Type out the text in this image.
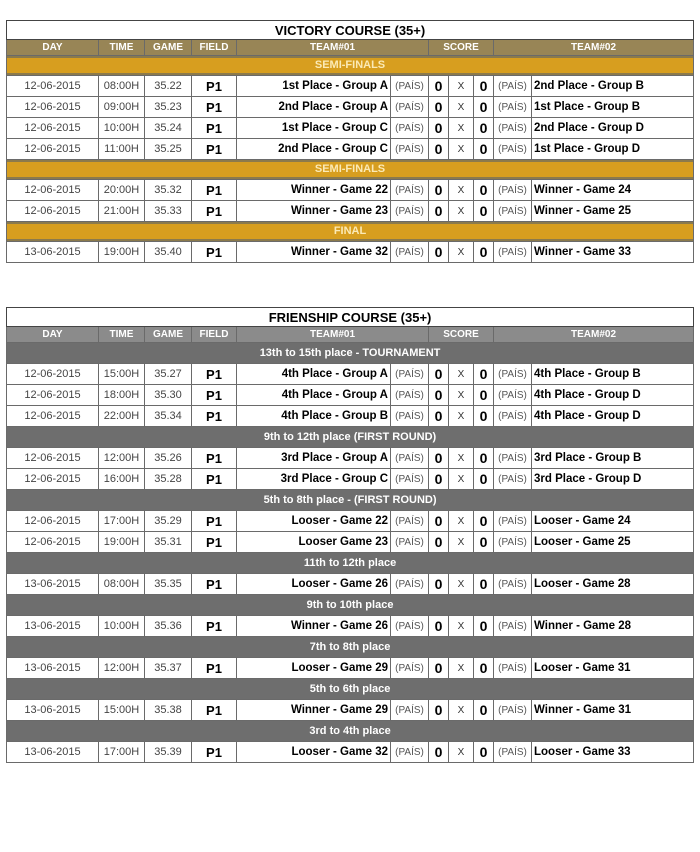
VICTORY COURSE (35+)										
DAY	TIME	GAME	FIELD	TEAM#01		SCORE			TEAM#02	

SEMI-FINALS										

12-06-2015	08:00H	35.22	P1	1st Place - Group A	(PAÍS)	0	X	0	(PAÍS)	2nd Place - Group B
12-06-2015	09:00H	35.23	P1	2nd Place - Group A	(PAÍS)	0	X	0	(PAÍS)	1st Place - Group B
12-06-2015	10:00H	35.24	P1	1st Place - Group C	(PAÍS)	0	X	0	(PAÍS)	2nd Place - Group D
12-06-2015	11:00H	35.25	P1	2nd Place - Group C	(PAÍS)	0	X	0	(PAÍS)	1st Place - Group D

SEMI-FINALS										

12-06-2015	20:00H	35.32	P1	Winner - Game 22	(PAÍS)	0	X	0	(PAÍS)	Winner - Game 24
12-06-2015	21:00H	35.33	P1	Winner - Game 23	(PAÍS)	0	X	0	(PAÍS)	Winner - Game 25

FINAL										

13-06-2015	19:00H	35.40	P1	Winner - Game 32	(PAÍS)	0	X	0	(PAÍS)	Winner - Game 33
FRIENSHIP COURSE (35+)										
DAY	TIME	GAME	FIELD	TEAM#01		SCORE			TEAM#02	
13th to 15th place - TOURNAMENT										
12-06-2015	15:00H	35.27	P1	4th Place - Group A	(PAÍS)	0	X	0	(PAÍS)	4th Place - Group B
12-06-2015	18:00H	35.30	P1	4th Place - Group A	(PAÍS)	0	X	0	(PAÍS)	4th Place - Group D
12-06-2015	22:00H	35.34	P1	4th Place - Group B	(PAÍS)	0	X	0	(PAÍS)	4th Place - Group D
9th to 12th place (FIRST ROUND)										
12-06-2015	12:00H	35.26	P1	3rd Place - Group A	(PAÍS)	0	X	0	(PAÍS)	3rd Place - Group B
12-06-2015	16:00H	35.28	P1	3rd Place - Group C	(PAÍS)	0	X	0	(PAÍS)	3rd Place - Group D
5th to 8th place - (FIRST ROUND)										
12-06-2015	17:00H	35.29	P1	Looser - Game 22	(PAÍS)	0	X	0	(PAÍS)	Looser - Game 24
12-06-2015	19:00H	35.31	P1	Looser Game 23	(PAÍS)	0	X	0	(PAÍS)	Looser - Game 25
11th to 12th place										
13-06-2015	08:00H	35.35	P1	Looser - Game 26	(PAÍS)	0	X	0	(PAÍS)	Looser - Game 28
9th to 10th place										
13-06-2015	10:00H	35.36	P1	Winner - Game 26	(PAÍS)	0	X	0	(PAÍS)	Winner - Game 28
7th to 8th place										
13-06-2015	12:00H	35.37	P1	Looser - Game 29	(PAÍS)	0	X	0	(PAÍS)	Looser - Game 31
5th to 6th place										
13-06-2015	15:00H	35.38	P1	Winner - Game 29	(PAÍS)	0	X	0	(PAÍS)	Winner - Game 31
3rd to 4th place										
13-06-2015	17:00H	35.39	P1	Looser - Game 32	(PAÍS)	0	X	0	(PAÍS)	Looser - Game 33
